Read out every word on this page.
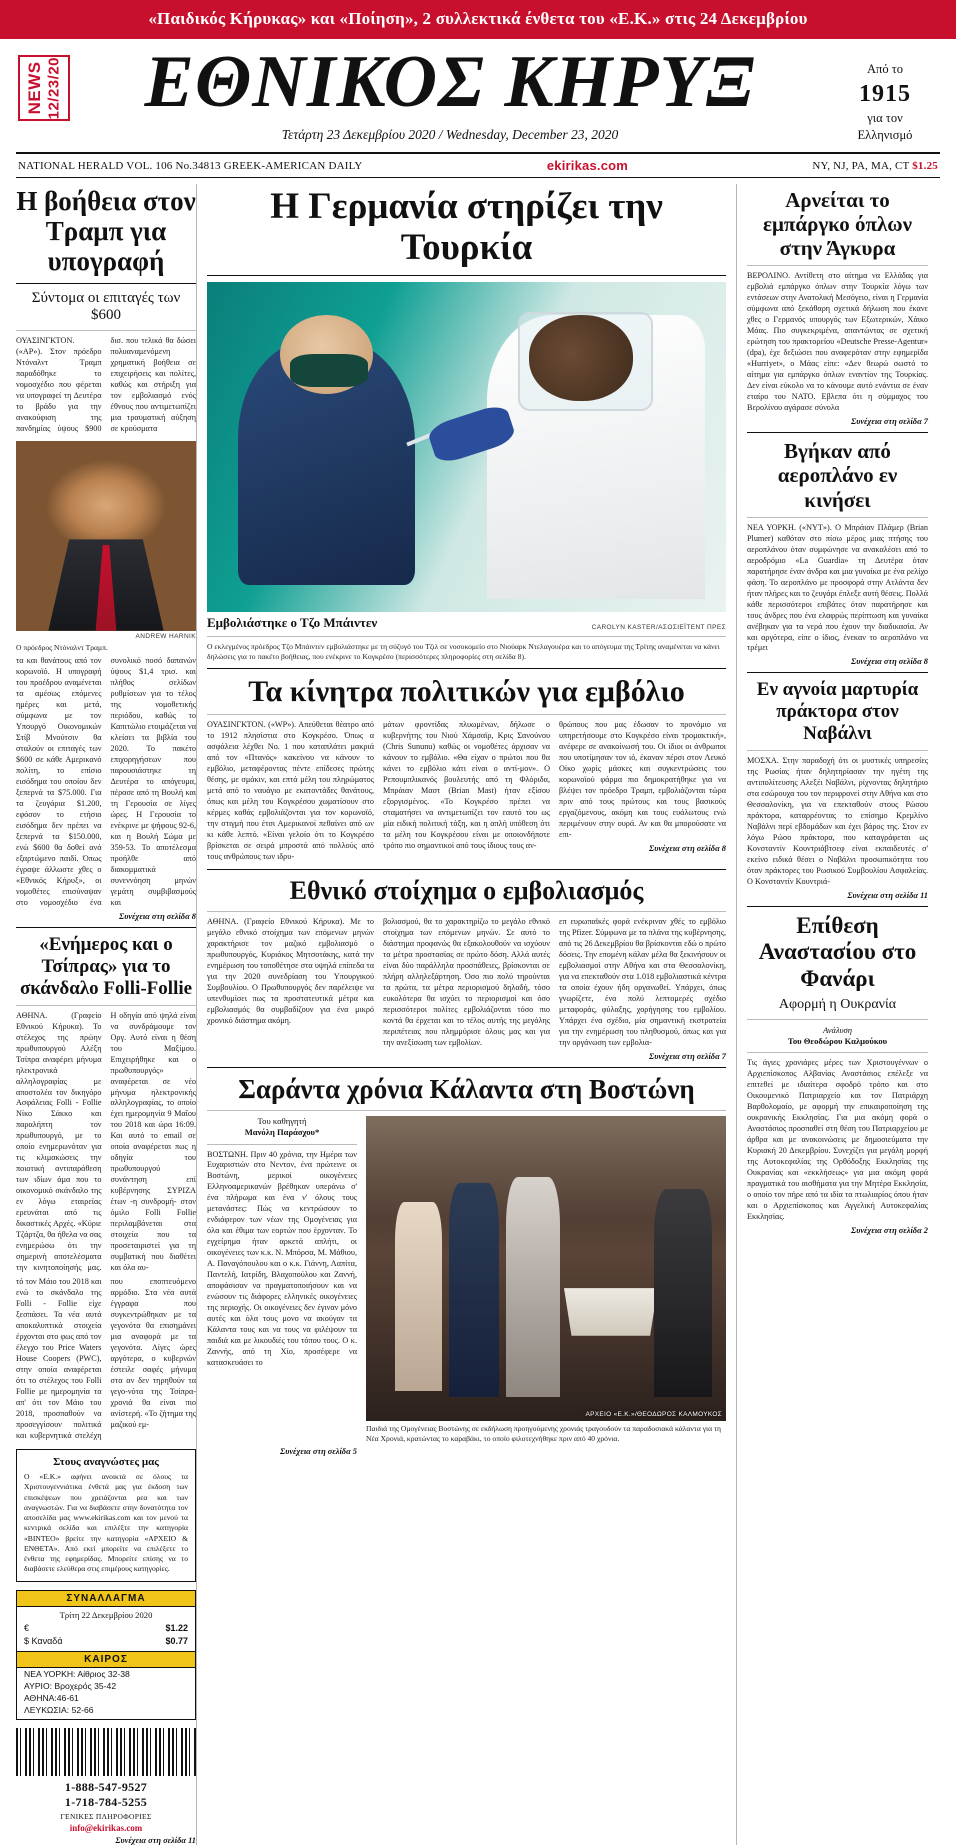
«Παιδικός Κήρυκας» και «Ποίηση», 2 συλλεκτικά ένθετα του «Ε.Κ.» στις 24 Δεκεμβρίου
NEWS
12/23/20	ΕΘΝΙΚΟΣ ΚΗΡΥΞ
Τετάρτη 23 Δεκεμβρίου 2020 / Wednesday, December 23, 2020
Από το
1915
για τον
Ελληνισμό
NATIONAL HERALD VOL. 106 No.34813 GREEK-AMERICAN DAILY	ekirikas.com	NY, NJ, PA, MA, CT $1.25
Η βοήθεια στον Τραμπ για υπογραφή
Σύντομα οι επιταγές των $600
ΟΥΑΣΙΝΓΚΤΟΝ. («AP»). Στον πρόεδρο Ντόναλντ Τραμπ παραδόθηκε το νομοσχέδιο που φέρεται να υπογραφεί τη Δευτέρα το βράδυ για την ανακούφιση της πανδημίας ύψους $900 δισ. που τελικά θα δώσει πολυαναμενόμενη χρηματική βοήθεια σε επιχειρήσεις και πολίτες, καθώς και στήριξη για τον εμβολιασμό ενός έθνους που αντιμετωπίζει μια τραυματική αύξηση σε κρούσματα
ANDREW HARNIK
Ο πρόεδρος Ντόναλντ Τραμπ.
τα και θανάτους από τον κορωνοϊό. Η υπογραφή του προέδρου αναμένεται τα αμέσως επόμενες ημέρες και μετά, σύμφωνα με τον Υπουργό Οικονομικών Στίβ Μνούτσιν θα σταλούν οι επιταγές των $600 σε κάθε Αμερικανό πολίτη, το επίσιο εισόδημα του οποίου δεν ξεπερνά τα $75.000. Για τα ζευγάρια $1.200, εφόσον το ετήσιο εισόδημα δεν πρέπει να ξεπερνά τα $150.000, ενώ $600 θα δοθεί ανά εξαρτώμενο παιδί. Όπως έγραψε άλλωστε χθες ο «Εθνικός Κήρυξ», οι νομοθέτες επισύναψαν στο νομοσχέδιο ένα συνολικό ποσό δαπανών ύψους $1,4 τρισ. και πλήθος σελίδων ρυθμίσεων για το τέλος της νομοθετικής περιόδου, καθώς το Καπιτώλιο ετοιμάζεται να κλείσει τα βιβλία του 2020. Το πακέτο επιχορηγήσεων που παρουσιάστηκε τη Δευτέρα το απόγευμα, πέρασε από τη Βουλή και τη Γερουσία σε λίγες ώρες. Η Γερουσία το ενέκρινε με ψήφους 92-6, και η Βουλή Σώμα με 359-53. Το αποτέλεσμα προήλθε από διακομματικά συνεννόηση μηνών γεμάτη συμβιβασμούς και
Συνέχεια στη σελίδα 8
«Ενήμερος και ο Τσίπρας» για το σκάνδαλο Folli-Follie
ΑΘΗΝΑ. (Γραφείο Εθνικού Κήρυκα). Το στέλεχος της πρώην πρωθυπουργού Αλέξη Τσίπρα αναφέρει μήνυμα ηλεκτρονικά αλληλογραφίας με αποστολέα τον δικηγόρο Ασφάλειας Folli - Follie Νίκο Σάκκο και παραλήπτη τον πρωθυπουργό, με το οποίο ενημερωνόταν για τις κλιμακώσεις την ποιοτική αντιπαράθεση των ιδίων άμα που το οικονομικό σκάνδαλο της εν λόγω εταιρείας ερευνάται από τις δικαστικές Αρχές. «Κύριε Τζάρτζα, θα ήθελα να σας ενημερώσω ότι την σημερινή αποτελέσματα την κινητοποίησής μας. Η οδηγία από ψηλά είναι να συνδράμουμε τον Οργ. Αυτό είναι η θέση του Μαξίμου. Επιχειρήθηκε και ο πρωθυπουργός» αναφέρεται σε νέο μήνυμα ηλεκτρονικής αλληλογραφίας, το οποίο έχει ημερομηνία 9 Μαΐου του 2018 και ώρα 16:09. Και αυτό το email σε οποία αναφέρεται πως η οδηγία του πρωθυπουργού συνάντηση επί κυβέρνησης ΣΥΡΙΖΑ έτων -η συνδρομή- στον όμιλο Folli Follie περιλαμβάνεται στα στοιχεία που τα προσεταιριστεί για τη συμβατική που διαθέτει και όλα αυ-
τό τον Μάιο του 2018 και ενώ το σκάνδαλο της Folli - Follie είχε ξεσπάσει. Τα νέα αυτά αποκαλυπτικά στοιχεία έρχονται στο φως από τον έλεγχο του Price Waters House Coopers (PWC), στην οποία αναφέρεται ότι το στέλεχος του Folli Follie με ημερομηνία τα απ' ότι τον Μάιο του 2018, προσπαθούν να προσεγγίσουν πολιτικά και κυβερνητικά στελέχη που εποπτευόμενο αρμόδιο. Στα νέα αυτά έγγραφα που συγκεντρώθηκαν με τα γεγονότα θα επισημάνει μια αναφορά με τα γεγονότα. Λίγες ώρες αργότερα, ο κυβερνών έστειλε σαφές μήνυμα στα αν δεν τηρηθούν τα γεγο-νότα της Τσίπρα-χρονιά θα είναι πιο ανίστερή. «Το ζήτημα της μαζικού εμ-
Στους αναγνώστες μας

Ο «Ε.Κ.» αφήνει ανοικτά σε όλους τα Χριστουγεννιάτικα ένθετά μας για έκδοση των επισκέψεων που χρειάζονται ρεα και των αναγνωστών. Για να διαβάσετε στην δυνατότητα τον αποσελίδα μας www.ekirikas.com και τον μενού τα κεντρικά σελίδα και επιλέξτε την κατηγορία «ΒΙΝΤΕΟ» βρείτε την κατηγορία «ΑΡΧΕΙΟ & ΕΝΘΕΤΑ». Από εκεί μπορείτε να επιλέξετε το ένθετα της εφημερίδας. Μπορείτε επίσης να το διαβάσετε ελεύθερα στις επιμέρους κατηγορίες.

ΣΥΝΑΛΛΑΓΜΑ
Τρίτη 22 Δεκεμβρίου 2020
€	$1.22
$ Καναδά	$0.77
ΚΑΙΡΟΣ
ΝΕΑ ΥΟΡΚΗ: Αίθριος 32-38
ΑΥΡΙΟ: Βροχερός 35-42
ΑΘΗΝΑ:46-61
ΛΕΥΚΩΣΙΑ: 52-66
1-888-547-9527
1-718-784-5255
ΓΕΝΙΚΕΣ ΠΛΗΡΟΦΟΡΙΕΣ
info@ekirikas.com
Συνέχεια στη σελίδα 11
Η Γερμανία στηρίζει την Τουρκία
Εμβολιάστηκε ο Τζο Μπάιντεν	CAROLYN KASTER/ΑΣΟΣΙΕΪΤΕΝΤ ΠΡΕΣ
Ο εκλεγμένος πρόεδρος Τζο Μπάιντεν εμβολιάστηκε με τη σύζυγό του Τζιλ σε νοσοκομείο στο Νιούαρκ Ντελαγουέρα και το απόγευμα της Τρίτης αναμένεται να κάνει δηλώσεις για το πακέτο βοήθειας, που ενέκρινε το Κογκρέσο (περισσότερες πληροφορίες στη σελίδα 8).
Τα κίνητρα πολιτικών για εμβόλιο
ΟΥΑΣΙΝΓΚΤΟΝ. («WP»). Απεύθεται θέατρο από το 1912 πλησίστια στο Κογκρέσο. Όπως α ασφάλεια λέχθει Νο. 1 που καταπλάτει μακριά από τον «Πτανός» κακείνου να κάνουν το εμβόλιο, μεταφέροντας πέντε επίδεσες πρώτης θέσης, με σμάκιν, και επτά μέλη του πληρώματος μετά από το ναυάγιο με εκατοντάδες θανάτους, όπως και μέλη του Κογκρέσου χωματίσουν στο κέρμες καθάς εμβολιάζονται για τον κορωνοϊό, την στιγμή που έτσι Αμερικανοί πεθαίνει από ων κι κάθε λεπτό. «Είναι γελοίο ότι το Κογκρέσο βρίσκεται σε σειρά μπροστά από πολλούς από τους ανθρώπους των ιδρυ-
μάτων φροντίδας πλυωμένων, δήλωσε ο κυβερνήτης του Νιού Χάμσαϊρ, Κρις Σανούνου (Chris Sununu) καθώς οι νομοθέτες άρχισαν να κάνουν το εμβόλιο. «Θα είχαν ο πρώτοι που θα κάνει το εμβόλιο κάτι είναι ο αντί-μον». Ο Ρεπουμπλικανός βουλευτής από τη Φλόριδα, Μπράιαν Μαστ (Brian Mast) ήταν εξίσου εξοργισμένος. «Το Κογκρέσο πρέπει να σταματήσει να αντιμετωπίζει τον εαυτό του ως μία ειδική πολιτική τάξη, και η απλή υπόθεση ότι τα μέλη του Κογκρέσου είναι με οποιονδήποτε τρόπο πιο σημαντικοί από τους ίδιους τους αν-
θρώπους που μας έδωσαν το προνόμιο να υπηρετήσουμε στο Κογκρέσο είναι τρομακτική», ανέφερε σε ανακοίνωσή του. Οι ίδιοι οι άνθρωποι που υποτίμησαν τον ιό, έκαναν πέρσι στον Λευκό Οίκο χωρίς μάσκες και συγκεντρώσεις του κορωνοϊού φάρμα πιο δημοκρατήθηκε για να βλέψει τον πρόεδρο Τραμπ, εμβολιάζονται τώρα πριν από τους πρώτους και τους βασικούς εργαζόμενους, ακόμη και τους ευάλωτους ενώ περιμένουν στην ουρά. Αν και θα μπορούσατε να επι-
Συνέχεια στη σελίδα 8
Εθνικό στοίχημα ο εμβολιασμός
ΑΘΗΝΑ. (Γραφείο Εθνικού Κήρυκα). Με το μεγάλο εθνικό στοίχημα των επόμενων μηνών χαρακτήρισε τον μαζικό εμβολιασμό ο πρωθυπουργός, Κυριάκος Μητσοτάκης, κατά την ενημέρωση του τοποθέτησε στα υψηλά επίπεδα τα για την 2020 συνεδρίαση του Υπουργικού Συμβουλίου. Ο Πρωθυπουργός δεν παρέλειψε να υπενθυμίσει πως τα προστατευτικά μέτρα και εμβολιασμός θα συμβαδίζουν για ένα μικρό χρονικό διάστημα ακόμη.
βολιασμού, θα το χαρακτηρίζω το μεγάλο εθνικό στοίχημα των επόμενων μηνών. Σε αυτό το διάστημα προφανώς θα εξακολουθούν να ισχύουν τα μέτρα προστασίας σε πρώτο δόση. Αλλά αυτές είναι δύο παράλληλα προσπάθειες, βρίσκονται σε πλήρη αλληλεξάρτηση. Όσο πιο πολύ τηρούνται τα πρώτα, τα μέτρα περιορισμού δηλαδή, τόσο ευκολότερα θα ισχύει το περιορισμοί και όσο περισσότεροι πολίτες εμβολιάζονται τόσο πιο κοντά θα έρχεται και το τέλος αυτής της μεγάλης περιπέτειας που πλημμύρισε όλους μας και για την ανεξίσωση των εμβολίων.
επ ευρωπαϊκές φορά ενέκριναν χθές το εμβόλιο της Pfizer. Σύμφωνα με τα πλάνα της κυβέρνησης, από τις 26 Δεκεμβρίου θα βρίσκονται εδώ ο πρώτο δόσεις. Την επομένη κάλαν μέλα θα ξεκινήσουν οι εμβολιασμοί στην Αθήνα και στα Θεσσαλονίκη, για να επεκταθούν στα 1.018 εμβολιαστικά κέντρα τα οποία έχουν ήδη οργανωθεί. Υπάρχει, όπως γνωρίζετε, ένα πολύ λεπτομερές σχέδιο μεταφοράς, φύλαξης, χορήγησης του εμβολίου. Υπάρχει ένα σχέδιο, μία σημαντική εκστρατεία για την ενημέρωση του πληθυσμού, όπως και για την οργάνωση των εμβολια-
Συνέχεια στη σελίδα 7
Σαράντα χρόνια Κάλαντα στη Βοστώνη
Του καθηγητή
Μανόλη Παράσχου*
ΒΟΣΤΩΝΗ. Πριν 40 χρόνια, την Ημέρα των Ευχαριστιών στο Νεντον, ένα πρώτεινε οι Βοστώνη, μερικοί οικογένειες Ελληνοαμερικανών βρέθηκαν υπεράνω σ' ένα πλήρωμα και ένα ν' όλους τους μετανάστες: Πώς να κεντρώσουν το ενδιάφερον των νέων της Ομογένειας για όλα και έθιμα των εορτών που έρχονταν. Το εγχείρημα ήταν αρκετά απλήτι, οι οικογένειες των κ.κ. Ν. Μπόρσα, Μ. Μάθιου, Α. Παναγόπουλου και ο κ.κ. Γιάννη, Λαπίτα, Παντελή, Ιατρίδη, Βλαχοπούλου και Ζαννή, αποφάσισαν να πραγματοποιήσουν και να ενώσουν τις διάφορες ελληνικές οικογένειες της περιοχής. Οι οικογένειες δεν έγιναν μόνο αυτές και όλα τους μονο να ακούγαν τα Κάλαντα τους και να τους να φιλέψουν τα παιδιά και με λικουδιές του τόπου τους. Ο κ. Ζαννής, από τη Χίο, προσέφερε να κατασκευάσει το
ΑΡΧΕΙΟ «Ε.Κ.»/ΘΕΟΔΩΡΟΣ ΚΑΛΜΟΥΚΟΣ
Παιδιά της Ομογένειας Βοστώνης σε εκδήλωση προηγούμενης χρονιάς τραγουδούν τα παραδοσιακά κάλαντα για τη Νέα Χρονιά, κρατώντας το καραβάκι, το οποίο φιλοτεχνήθηκε πριν από 40 χρόνια.
Συνέχεια στη σελίδα 5
Αρνείται το εμπάργκο όπλων στην Άγκυρα
ΒΕΡΟΛΙΝΟ. Αντίθετη στο αίτημα να Ελλάδας για εμβολιά εμπάργκο όπλων στην Τουρκία λόγω των εντάσεων στην Ανατολική Μεσόγειο, είναι η Γερμανία σύμφωνα από ξεκάθαρη σχετικά δήλωση που έκανε χθες ο Γερμανός υπουργός των Εξωτερικών, Χάικο Μάας. Πιο συγκεκριμένα, απαντώντας σε σχετική ερώτηση του πρακτορείου «Deutsche Presse-Agentur» (dpa), έχε δεξιώσει που αναφερόταν στην εφημερίδα «Hurriyet», ο Μάας είπε: «Δεν θεωρώ σωστό το αίτημα για εμπάργκο όπλων εναντίον της Τουρκίας. Δεν είναι εύκολο να το κάνουμε αυτό ενάντια σε έναν εταίρο του ΝΑΤΟ. Εβλεπα ότι η σύμμαχος του Βερολίνου αγάρασε σύνολα
Συνέχεια στη σελίδα 7
Βγήκαν από αεροπλάνο εν κινήσει
ΝΕΑ ΥΟΡΚΗ. («NYT»). Ο Μπράιαν Πλάμερ (Brian Plumer) καθόταν στο πίσω μέρος μιας πτήσης του αεροπλάνου όταν συμφώνησε να ανακαλέσει από το αεροδρόμιο «La Guardia» τη Δευτέρα όταν παρατήρησε έναν άνδρα και μια γυναίκα με ένα ρελίχο φάση. Το αεροπλάνο με προσφορά στην Ατλάντα δεν ήταν πλήρες και το ζευγάρι έπλεξε αυτή θέσεις. Πολλά κάθε περισσότεροι επιβάτες όταν παρατήρησε και τους άνδρες που ένα ελαφρώς περίπτωση και γυναίκα ανέβηκαν για τα νερά που έχουν την διαδικασία. Αν και αργότερα, είπε ο ίδιος, ένεκαν το αεροπλάνο να τρέμει
Συνέχεια στη σελίδα 8
Εν αγνοία μαρτυρία πράκτορα στον Ναβάλνι
ΜΟΣΧΑ. Στην παραδοχή ότι οι μυστικές υπηρεσίες της Ρωσίας ήταν δηλητηρίασαν την ηγέτη της αντιπολίτευσης Αλεξέι Ναβάλνι, ρίχνοντας δηλητήριο στα εσώρουχα του τον περιφρονεί στην Αθήνα και στο Θεσσαλονίκη, για να επεκταθούν στους Ρώσου πράκτορα, καταρρέοντας το επίσημο Κρεμλίνο Ναβάλνι περί εβδομάδων και έχει βάρος της. Στον εν λόγω Ρώσο πράκτορα, που καταγράφεται ως Κονσταντίν Κουντριάβτσεφ είναι εκπαιδευτές σ' εκείνο ειδικά θέσει ο Ναβάλνι προσωπικότητα του όταν πράκτορες του Ρωσικού Συμβουλίου Ασφαλείας. Ο Κονσταντίν Κουντριά-
Συνέχεια στη σελίδα 11
Επίθεση Αναστασίου στο Φανάρι
Αφορμή η Ουκρανία
Ανάλυση
Του Θεοδώρου Καλμούκου
Τις άγιες χρονιάρες μέρες των Χριστουγέννων ο Αρχιεπίσκοπος Αλβανίας Αναστάσιος επέλεξε να επιτεθεί με ιδιαίτερα σφοδρό τρόπο και στο Οικουμενικό Πατριαρχείο και τον Πατριάρχη Βαρθολομαίο, με αφορμή την επικαιροποίηση της ουκρανικής Εκκλησίας. Για μια ακόμη φορά ο Αναστάσιος προσπαθεί στη θέση του Πατριαρχείου με άρθρα και με ανακοινώσεις με δημοσιεύματα την Κυριακή 20 Δεκεμβρίου. Συνεχίζει για μεγάλη μορφή της Αυτοκεφαλίας της Ορθόδοξης Εκκλησίας της Ουκρανίας και «εκκλήσεως» για μια ακόμη φορά πραγματικά του αισθήματα για την Μητέρα Εκκλησία, ο οποίο τον πήρε από τα ιδία τα πτωλιαρίος όπου ήταν και ο Αρχιεπίσκοπος και Αγγελική Αυτοκεφαλίας Εκκλησίας.
Συνέχεια στη σελίδα 2
